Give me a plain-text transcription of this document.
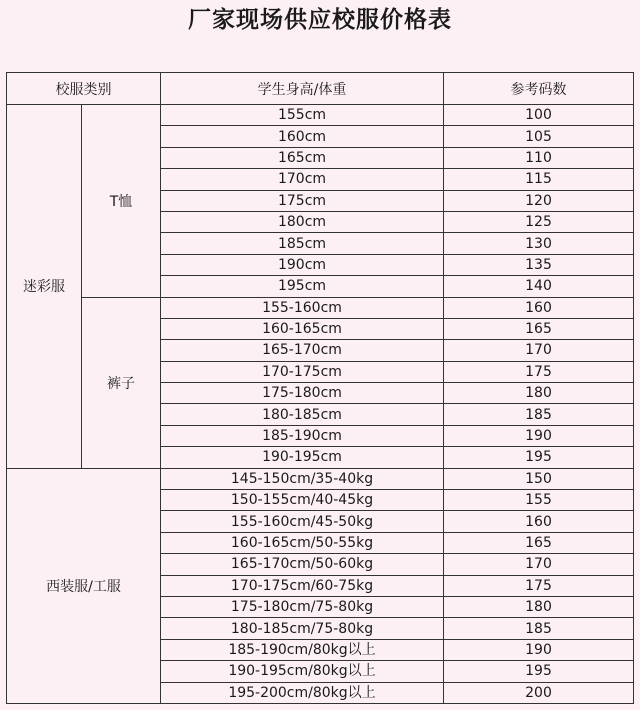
厂家现场供应校服价格表
校服类别		学生身高/体重	参考码数
迷彩服	T恤	155cm	100
		160cm	105
		165cm	110
		170cm	115
		175cm	120
		180cm	125
		185cm	130
		190cm	135
		195cm	140
	裤子	155-160cm	160
		160-165cm	165
		165-170cm	170
		170-175cm	175
		175-180cm	180
		180-185cm	185
		185-190cm	190
		190-195cm	195
西装服/工服		145-150cm/35-40kg	150
		150-155cm/40-45kg	155
		155-160cm/45-50kg	160
		160-165cm/50-55kg	165
		165-170cm/50-60kg	170
		170-175cm/60-75kg	175
		175-180cm/75-80kg	180
		180-185cm/75-80kg	185
		185-190cm/80kg以上	190
		190-195cm/80kg以上	195
		195-200cm/80kg以上	200
